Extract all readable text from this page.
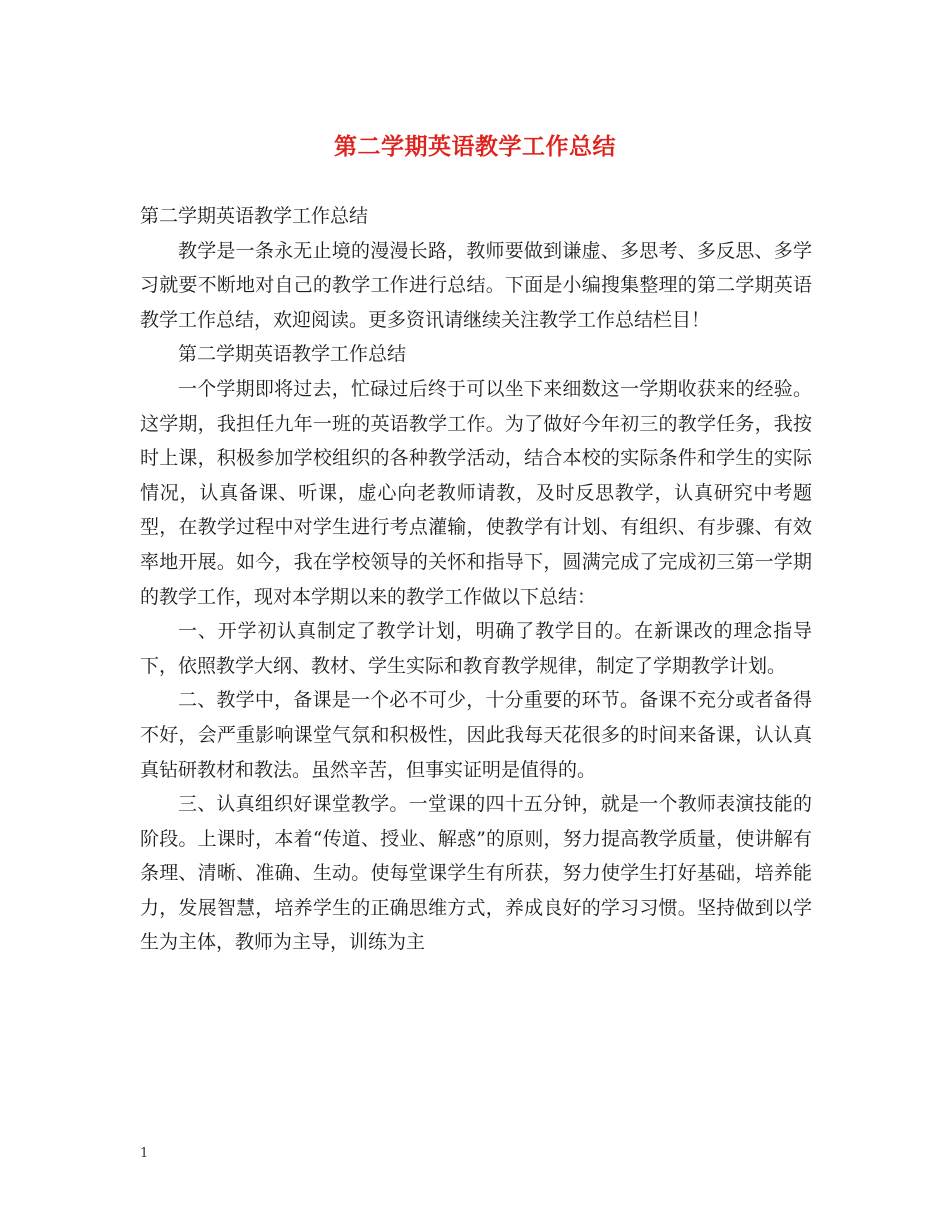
第二学期英语教学工作总结

第二学期英语教学工作总结

教学是一条永无止境的漫漫长路，教师要做到谦虚、多思考、多反思、多学习就要不断地对自己的教学工作进行总结。下面是小编搜集整理的第二学期英语教学工作总结，欢迎阅读。更多资讯请继续关注教学工作总结栏目！

第二学期英语教学工作总结

一个学期即将过去，忙碌过后终于可以坐下来细数这一学期收获来的经验。这学期，我担任九年一班的英语教学工作。为了做好今年初三的教学任务，我按时上课，积极参加学校组织的各种教学活动，结合本校的实际条件和学生的实际情况，认真备课、听课，虚心向老教师请教，及时反思教学，认真研究中考题型，在教学过程中对学生进行考点灌输，使教学有计划、有组织、有步骤、有效率地开展。如今，我在学校领导的关怀和指导下，圆满完成了完成初三第一学期的教学工作，现对本学期以来的教学工作做以下总结：

一、开学初认真制定了教学计划，明确了教学目的。在新课改的理念指导下，依照教学大纲、教材、学生实际和教育教学规律，制定了学期教学计划。

二、教学中，备课是一个必不可少，十分重要的环节。备课不充分或者备得不好，会严重影响课堂气氛和积极性，因此我每天花很多的时间来备课，认认真真钻研教材和教法。虽然辛苦，但事实证明是值得的。

三、认真组织好课堂教学。一堂课的四十五分钟，就是一个教师表演技能的阶段。上课时，本着“传道、授业、解惑”的原则，努力提高教学质量，使讲解有条理、清晰、准确、生动。使每堂课学生有所获，努力使学生打好基础，培养能力，发展智慧，培养学生的正确思维方式，养成良好的学习习惯。坚持做到以学生为主体，教师为主导，训练为主

1
